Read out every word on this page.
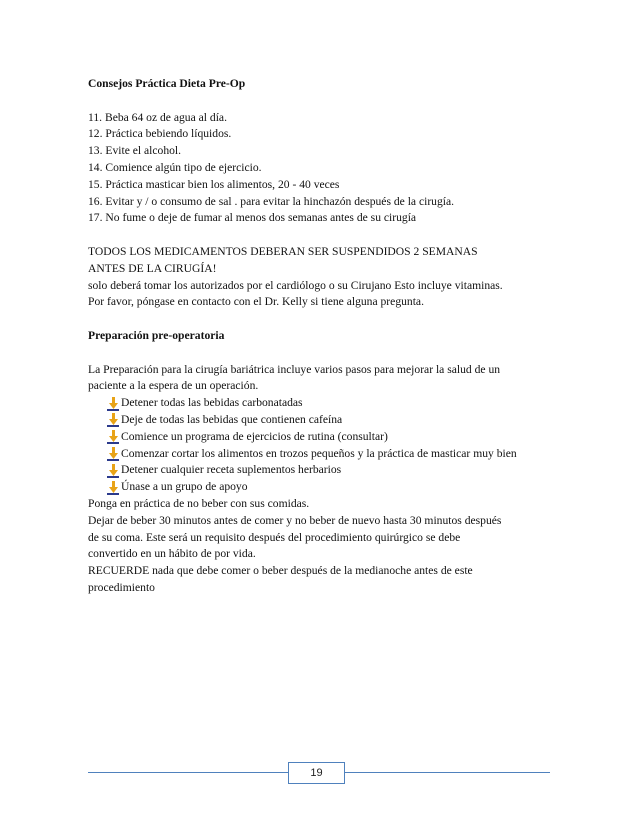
Consejos Práctica Dieta Pre-Op

11. Beba 64 oz de agua al día.
12. Práctica bebiendo líquidos.
13. Evite el alcohol.
14. Comience algún tipo de ejercicio.
15. Práctica masticar bien los alimentos, 20 - 40 veces
16. Evitar y / o consumo de sal . para evitar la hinchazón después de la cirugía.
17. No fume o deje de fumar al menos dos semanas antes de su cirugía
TODOS LOS MEDICAMENTOS DEBERAN SER SUSPENDIDOS 2 SEMANAS
ANTES DE LA CIRUGÍA!
solo deberá tomar los autorizados por el cardiólogo o su Cirujano Esto incluye vitaminas.
Por favor, póngase en contacto con el Dr. Kelly si tiene alguna pregunta.

Preparación pre-operatoria

La Preparación para la cirugía bariátrica incluye varios pasos para mejorar la salud de un
paciente a la espera de un operación.
Detener todas las bebidas carbonatadas
Deje de todas las bebidas que contienen cafeína
Comience un programa de ejercicios de rutina (consultar)
Comenzar cortar los alimentos en trozos pequeños y la práctica de masticar muy bien
Detener cualquier receta suplementos herbarios
Únase a un grupo de apoyo
Ponga en práctica de no beber con sus comidas.
Dejar de beber 30 minutos antes de comer y no beber de nuevo hasta 30 minutos después
de su coma. Este será un requisito después del procedimiento quirúrgico se debe
convertido en un hábito de por vida.
RECUERDE nada que debe comer o beber después de la medianoche antes de este
procedimiento
19
